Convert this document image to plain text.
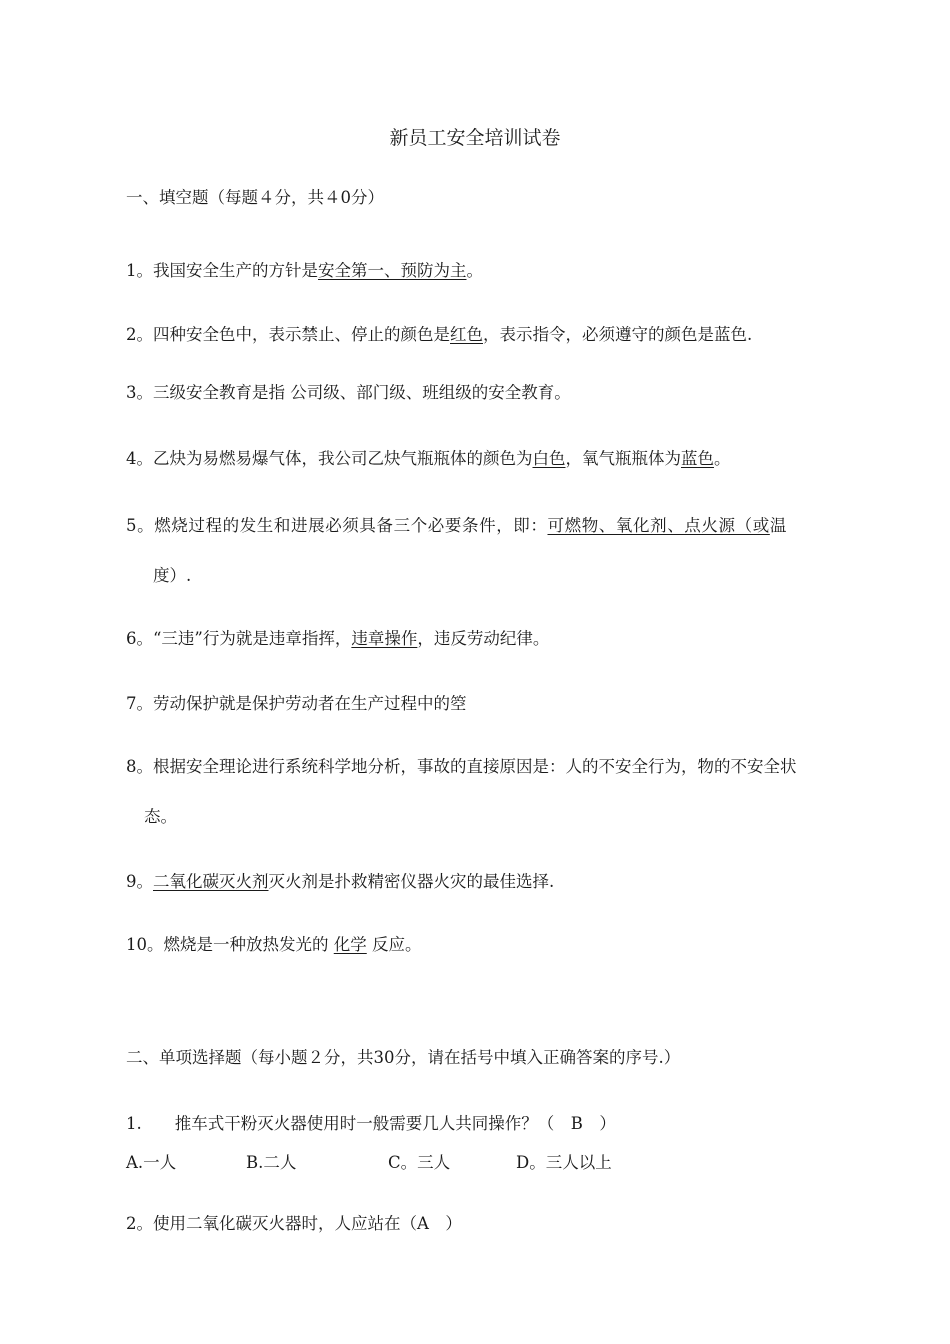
新员工安全培训试卷
一、填空题（每题４分，共４0分）
1。我国安全生产的方针是安全第一、预防为主。
2。四种安全色中，表示禁止、停止的颜色是红色，表示指令，必须遵守的颜色是蓝色.
3。三级安全教育是指 公司级、部门级、班组级的安全教育。
4。乙炔为易燃易爆气体，我公司乙炔气瓶瓶体的颜色为白色，氧气瓶瓶体为蓝色。
5。燃烧过程的发生和进展必须具备三个必要条件，即：可燃物、氧化剂、点火源（或温
度）.
6。“三违”行为就是违章指挥，违章操作，违反劳动纪律。
7。劳动保护就是保护劳动者在生产过程中的箜
8。根据安全理论进行系统科学地分析，事故的直接原因是：人的不安全行为，物的不安全状
态。
9。二氧化碳灭火剂灭火剂是扑救精密仪器火灾的最佳选择.
10。燃烧是一种放热发光的 化学 反应。
二、单项选择题（每小题２分，共30分，请在括号中填入正确答案的序号.）
1.　　推车式干粉灭火器使用时一般需要几人共同操作？（　B　）
A.一人	B.二人	C。三人	D。三人以上
2。使用二氧化碳灭火器时，人应站在（A　）
